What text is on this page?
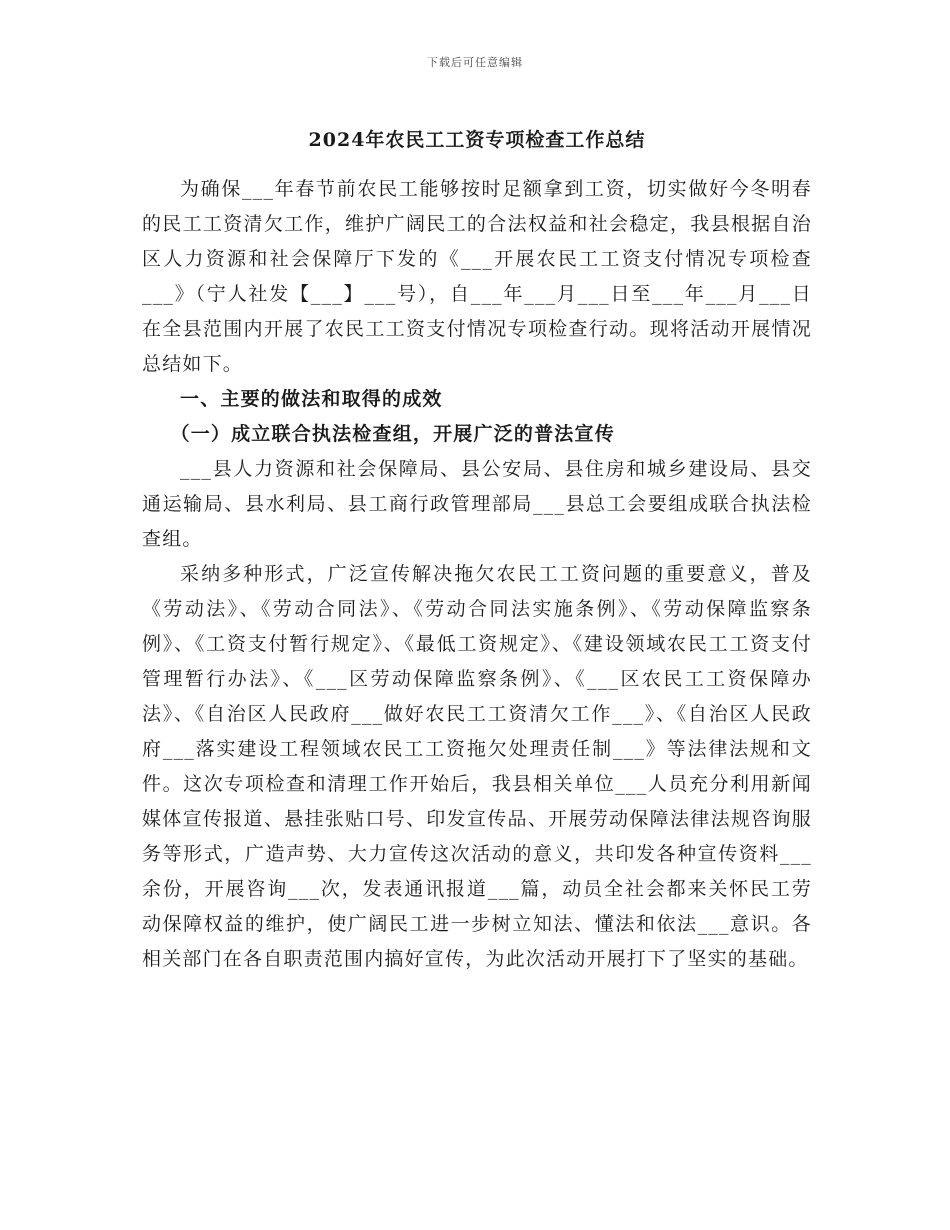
下载后可任意编辑
2024年农民工工资专项检查工作总结

为确保___年春节前农民工能够按时足额拿到工资，切实做好今冬明春的民工工资清欠工作，维护广阔民工的合法权益和社会稳定，我县根据自治区人力资源和社会保障厅下发的《___开展农民工工资支付情况专项检查___》（宁人社发【___】___号），自___年___月___日至___年___月___日在全县范围内开展了农民工工资支付情况专项检查行动。现将活动开展情况总结如下。

一、主要的做法和取得的成效

（一）成立联合执法检查组，开展广泛的普法宣传

___县人力资源和社会保障局、县公安局、县住房和城乡建设局、县交通运输局、县水利局、县工商行政管理部局___县总工会要组成联合执法检查组。

采纳多种形式，广泛宣传解决拖欠农民工工资问题的重要意义，普及《劳动法》、《劳动合同法》、《劳动合同法实施条例》、《劳动保障监察条例》、《工资支付暂行规定》、《最低工资规定》、《建设领域农民工工资支付管理暂行办法》、《___区劳动保障监察条例》、《___区农民工工资保障办法》、《自治区人民政府___做好农民工工资清欠工作___》、《自治区人民政府___落实建设工程领域农民工工资拖欠处理责任制___》等法律法规和文件。这次专项检查和清理工作开始后，我县相关单位___人员充分利用新闻媒体宣传报道、悬挂张贴口号、印发宣传品、开展劳动保障法律法规咨询服务等形式，广造声势、大力宣传这次活动的意义，共印发各种宣传资料___余份，开展咨询___次，发表通讯报道___篇，动员全社会都来关怀民工劳动保障权益的维护，使广阔民工进一步树立知法、懂法和依法___意识。各相关部门在各自职责范围内搞好宣传，为此次活动开展打下了坚实的基础。
